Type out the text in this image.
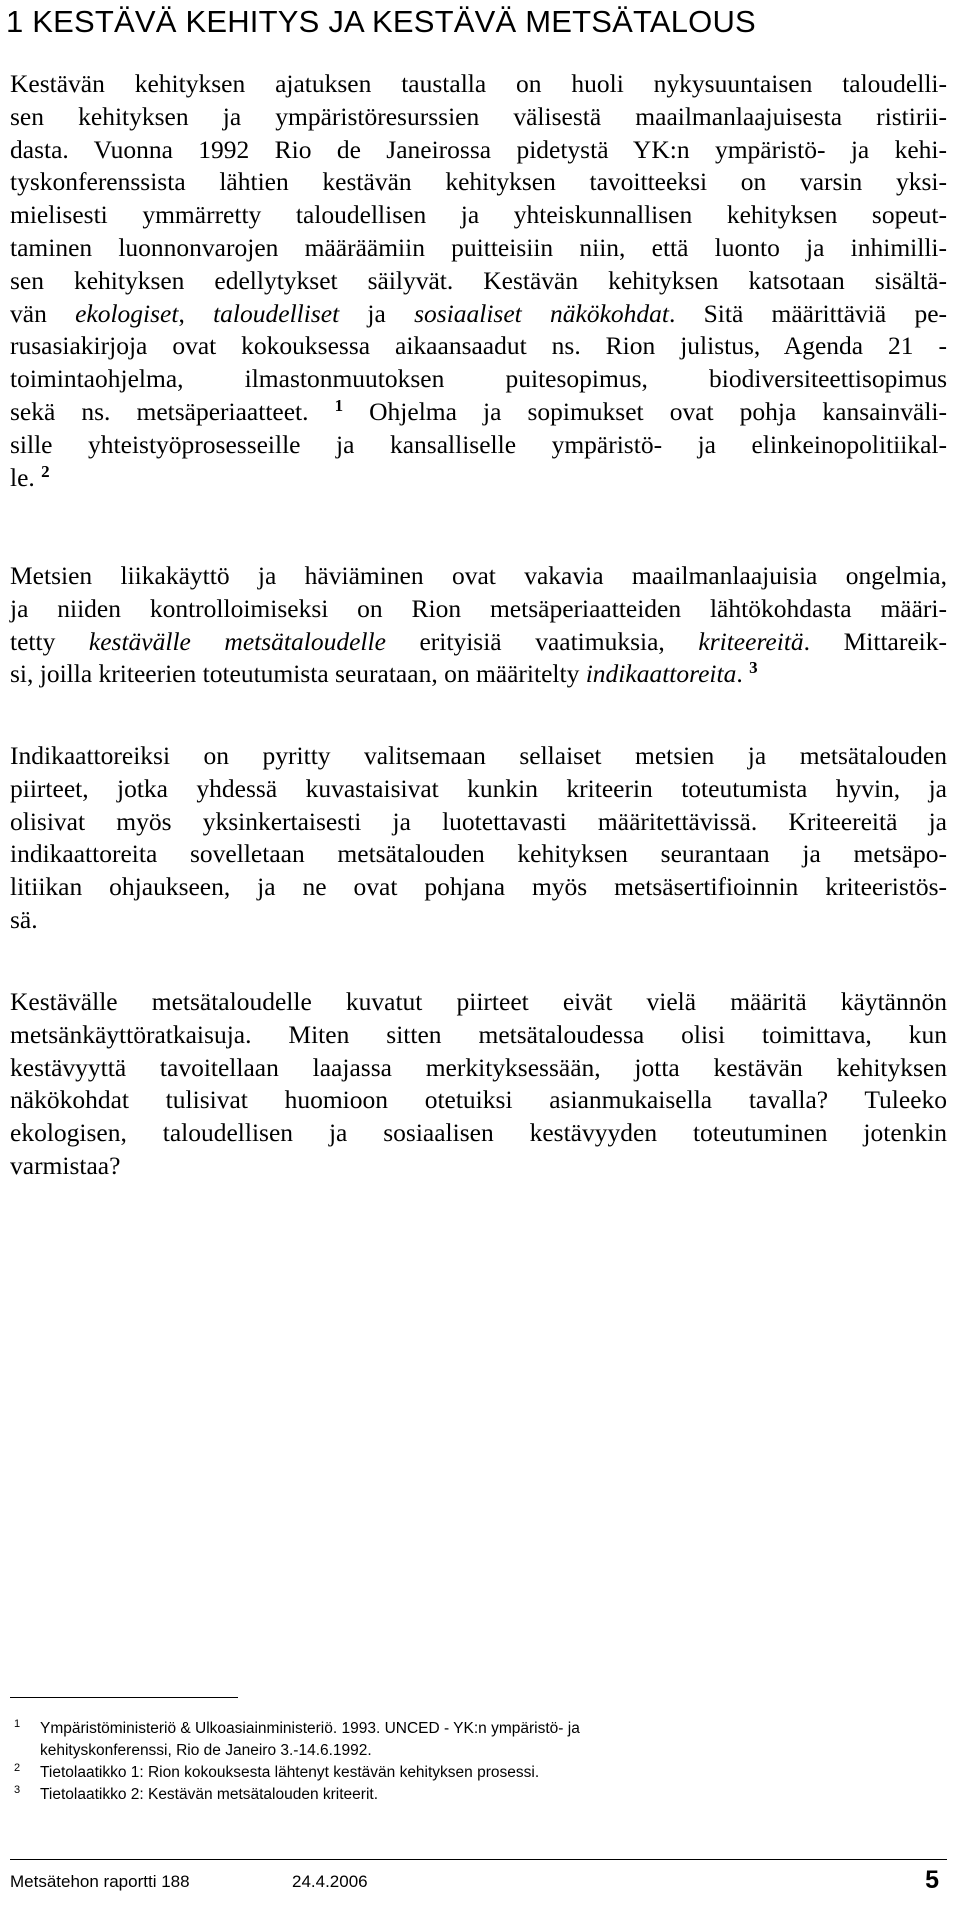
1 KESTÄVÄ KEHITYS JA KESTÄVÄ METSÄTALOUS
Kestävän kehityksen ajatuksen taustalla on huoli nykysuuntaisen taloudelli-
sen kehityksen ja ympäristöresurssien välisestä maailmanlaajuisesta ristirii-
dasta. Vuonna 1992 Rio de Janeirossa pidetystä YK:n ympäristö- ja kehi-
tyskonferenssista lähtien kestävän kehityksen tavoitteeksi on varsin yksi-
mielisesti ymmärretty taloudellisen ja yhteiskunnallisen kehityksen sopeut-
taminen luonnonvarojen määräämiin puitteisiin niin, että luonto ja inhimilli-
sen kehityksen edellytykset säilyvät. Kestävän kehityksen katsotaan sisältä-
vän ekologiset, taloudelliset ja sosiaaliset näkökohdat. Sitä määrittäviä pe-
rusasiakirjoja ovat kokouksessa aikaansaadut ns. Rion julistus, Agenda 21 -
toimintaohjelma, ilmastonmuutoksen puitesopimus, biodiversiteettisopimus
sekä ns. metsäperiaatteet. $^1$ Ohjelma ja sopimukset ovat pohja kansainväli-
sille yhteistyöprosesseille ja kansalliselle ympäristö- ja elinkeinopolitiikal-
le. $^2$
Metsien liikakäyttö ja häviäminen ovat vakavia maailmanlaajuisia ongelmia,
ja niiden kontrolloimiseksi on Rion metsäperiaatteiden lähtökohdasta määri-
tetty kestävälle metsätaloudelle erityisiä vaatimuksia, kriteereitä. Mittareik-
si, joilla kriteerien toteutumista seurataan, on määritelty indikaattoreita. $^3$
Indikaattoreiksi on pyritty valitsemaan sellaiset metsien ja metsätalouden
piirteet, jotka yhdessä kuvastaisivat kunkin kriteerin toteutumista hyvin, ja
olisivat myös yksinkertaisesti ja luotettavasti määritettävissä. Kriteereitä ja
indikaattoreita sovelletaan metsätalouden kehityksen seurantaan ja metsäpo-
litiikan ohjaukseen, ja ne ovat pohjana myös metsäsertifioinnin kriteeristös-
sä.
Kestävälle metsätaloudelle kuvatut piirteet eivät vielä määritä käytännön
metsänkäyttöratkaisuja. Miten sitten metsätaloudessa olisi toimittava, kun
kestävyyttä tavoitellaan laajassa merkityksessään, jotta kestävän kehityksen
näkökohdat tulisivat huomioon otetuiksi asianmukaisella tavalla? Tuleeko
ekologisen, taloudellisen ja sosiaalisen kestävyyden toteutuminen jotenkin
varmistaa?
1 Ympäristöministeriö & Ulkoasiainministeriö. 1993. UNCED - YK:n ympäristö- ja
kehityskonferenssi, Rio de Janeiro 3.-14.6.1992.
2 Tietolaatikko 1: Rion kokouksesta lähtenyt kestävän kehityksen prosessi.
3 Tietolaatikko 2: Kestävän metsätalouden kriteerit.
Metsätehon raportti 188	24.4.2006	5
